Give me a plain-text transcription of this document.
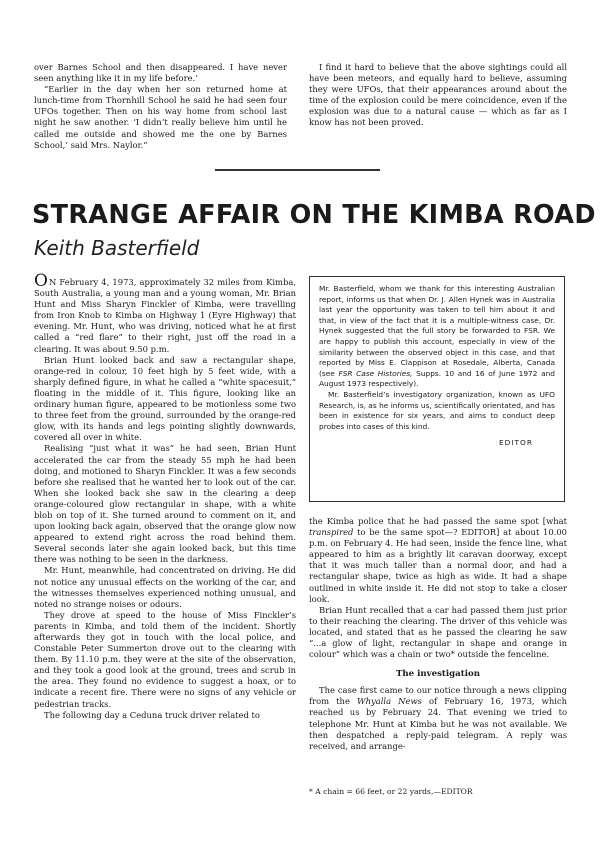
over Barnes School and then disappeared. I have never seen anything like it in my life before.’

“Earlier in the day when her son returned home at lunch-time from Thornhill School he said he had seen four UFOs together. Then on his way home from school last night he saw another. ‘I didn’t really believe him until he called me outside and showed me the one by Barnes School,’ said Mrs. Naylor.”

I find it hard to believe that the above sightings could all have been meteors, and equally hard to believe, assuming they were UFOs, that their appearances around about the time of the explosion could be mere coincidence, even if the explosion was due to a natural cause — which as far as I know has not been proved.

STRANGE AFFAIR ON THE KIMBA ROAD
Keith Basterfield

ON February 4, 1973, approximately 32 miles from Kimba, South Australia, a young man and a young woman, Mr. Brian Hunt and Miss Sharyn Finckler of Kimba, were travelling from Iron Knob to Kimba on Highway 1 (Eyre Highway) that evening. Mr. Hunt, who was driving, noticed what he at first called a “red flare” to their right, just off the road in a clearing. It was about 9.50 p.m.

Brian Hunt looked back and saw a rectangular shape, orange-red in colour, 10 feet high by 5 feet wide, with a sharply defined figure, in what he called a “white spacesuit,” floating in the middle of it. This figure, looking like an ordinary human figure, appeared to be motionless some two to three feet from the ground, surrounded by the orange-red glow, with its hands and legs pointing slightly downwards, covered all over in white.

Realising “just what it was” he had seen, Brian Hunt accelerated the car from the steady 55 mph he had been doing, and motioned to Sharyn Finckler. It was a few seconds before she realised that he wanted her to look out of the car. When she looked back she saw in the clearing a deep orange-coloured glow rectangular in shape, with a white blob on top of it. She turned around to comment on it, and upon looking back again, observed that the orange glow now appeared to extend right across the road behind them. Several seconds later she again looked back, but this time there was nothing to be seen in the darkness.

Mr. Hunt, meanwhile, had concentrated on driving. He did not notice any unusual effects on the working of the car, and the witnesses themselves experienced nothing unusual, and noted no strange noises or odours.

They drove at speed to the house of Miss Finckler’s parents in Kimba, and told them of the incident. Shortly afterwards they got in touch with the local police, and Constable Peter Summerton drove out to the clearing with them. By 11.10 p.m. they were at the site of the observation, and they took a good look at the ground, trees and scrub in the area. They found no evidence to suggest a hoax, or to indicate a recent fire. There were no signs of any vehicle or pedestrian tracks.

The following day a Ceduna truck driver related to

Mr. Basterfield, whom we thank for this interesting Australian report, informs us that when Dr. J. Allen Hynek was in Australia last year the opportunity was taken to tell him about it and that, in view of the fact that it is a multiple-witness case, Dr. Hynek suggested that the full story be forwarded to FSR. We are happy to publish this account, especially in view of the similarity between the observed object in this case, and that reported by Miss E. Clappison at Rosedale, Alberta, Canada (see FSR Case Histories, Supps. 10 and 16 of June 1972 and August 1973 respectively).

Mr. Basterfield’s investigatory organization, known as UFO Research, is, as he informs us, scientifically orientated, and has been in existence for six years, and aims to conduct deep probes into cases of this kind.

EDITOR

the Kimba police that he had passed the same spot [what transpired to be the same spot—? EDITOR] at about 10.00 p.m. on February 4. He had seen, inside the fence line, what appeared to him as a brightly lit caravan doorway, except that it was much taller than a normal door, and had a rectangular shape, twice as high as wide. It had a shape outlined in white inside it. He did not stop to take a closer look.

Brian Hunt recalled that a car had passed them just prior to their reaching the clearing. The driver of this vehicle was located, and stated that as he passed the clearing he saw “...a glow of light, rectangular in shape and orange in colour” which was a chain or two* outside the fenceline.

The investigation

The case first came to our notice through a news clipping from the Whyalla News of February 16, 1973, which reached us by February 24. That evening we tried to telephone Mr. Hunt at Kimba but he was not available. We then despatched a reply-paid telegram. A reply was received, and arrange-

* A chain = 66 feet, or 22 yards,—EDITOR
